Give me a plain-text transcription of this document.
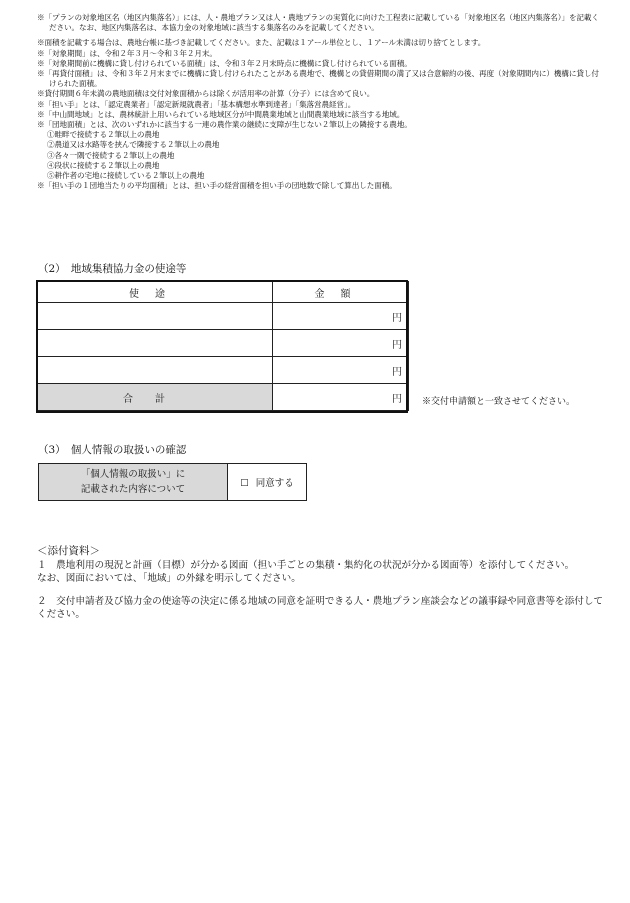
※「プランの対象地区名（地区内集落名）」には、人・農地プラン又は人・農地プランの実質化に向けた工程表に記載している「対象地区名（地区内集落名）」を記載ください。なお、地区内集落名は、本協力金の対象地域に該当する集落名のみを記載してください。

※面積を記載する場合は、農地台帳に基づき記載してください。また、記載は１アール単位とし、１アール未満は切り捨てとします。

※「対象期間」は、令和２年３月～令和３年２月末。

※「対象期間前に機構に貸し付けられている面積」は、令和３年２月末時点に機構に貸し付けられている面積。

※「再貸付面積」は、令和３年２月末までに機構に貸し付けられたことがある農地で、機構との貸借期間の満了又は合意解約の後、再度（対象期間内に）機構に貸し付けられた面積。

※貸付期間６年未満の農地面積は交付対象面積からは除くが活用率の計算（分子）には含めて良い。

※「担い手」とは、「認定農業者」「認定新規就農者」「基本構想水準到達者」「集落営農経営」。

※「中山間地域」とは、農林統計上用いられている地域区分が中間農業地域と山間農業地域に該当する地域。

※「団地面積」とは、次のいずれかに該当する一連の農作業の継続に支障が生じない２筆以上の隣接する農地。

①畦畔で接続する２筆以上の農地

②農道又は水路等を挟んで隣接する２筆以上の農地

③各々一隅で接続する２筆以上の農地

④段状に接続する２筆以上の農地

⑤耕作者の宅地に接続している２筆以上の農地

※「担い手の１団地当たりの平均面積」とは、担い手の経営面積を担い手の団地数で除して算出した面積。

（2）　地域集積協力金の使途等
使途	金額
	円
	円
	円
合計	円 ※交付申請額と一致させてください。
（3）　個人情報の取扱いの確認
「個人情報の取扱い」に
記載された内容について
	☐ 同意する

＜添付資料＞

１　農地利用の現況と計画（目標）が分かる図面（担い手ごとの集積・集約化の状況が分かる図面等）を添付してください。

なお、図面においては、「地域」の外縁を明示してください。

２　交付申請者及び協力金の使途等の決定に係る地域の同意を証明できる人・農地プラン座談会などの議事録や同意書等を添付してください。
